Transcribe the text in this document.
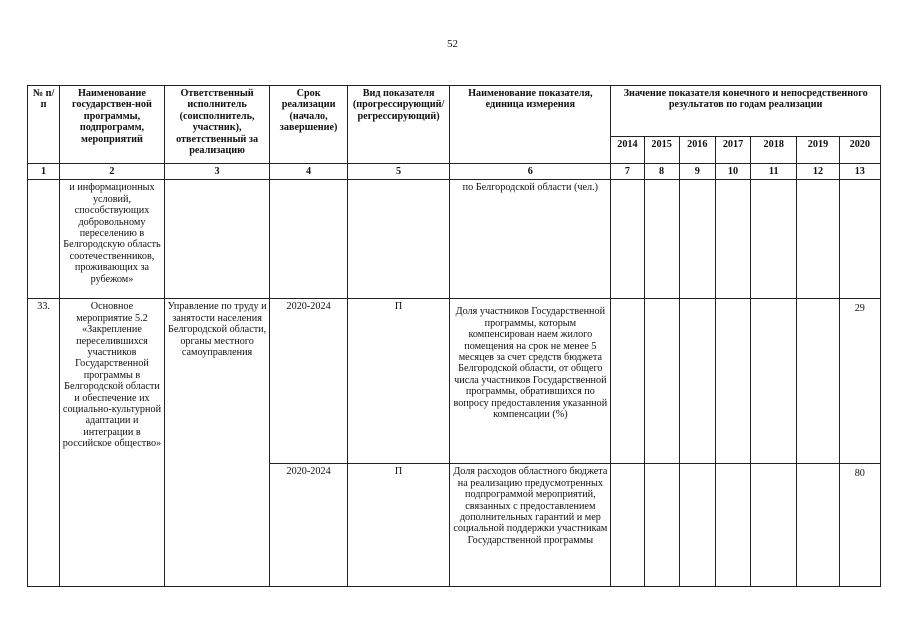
52
№ п/п	Наименование государствен-ной программы, подпрограмм, мероприятий	Ответственный исполнитель (соисполнитель, участник), ответственный за реализацию	Срок реализации (начало, завершение)	Вид показателя (прогрессирующий/ регрессирующий)	Наименование показателя, единица измерения	Значение показателя конечного и непосредственного результатов по годам реализации						
						2014	2015	2016	2017	2018	2019	2020
1	2	3	4	5	6	7	8	9	10	11	12	13
	и информационных условий, способствующих добровольному переселению в Белгородскую область соотечественников, проживающих за рубежом»				по Белгородской области (чел.)							
33.	Основное мероприятие 5.2 «Закрепление переселившихся участников Государственной программы в Белгородской области и обеспечение их социально-культурной адаптации и интеграции в российское общество»	Управление по труду и занятости населения Белгородской области, органы местного самоуправления	2020-2024	П	Доля участников Государственной программы, которым компенсирован наем жилого помещения на срок не менее 5 месяцев за счет средств бюджета Белгородской области, от общего числа участников Государственной программы, обратившихся по вопросу предоставления указанной компенсации (%)							29
			2020-2024	П	Доля расходов областного бюджета на реализацию предусмотренных подпрограммой мероприятий, связанных с предоставлением дополнительных гарантий и мер социальной поддержки участникам Государственной программы							80
